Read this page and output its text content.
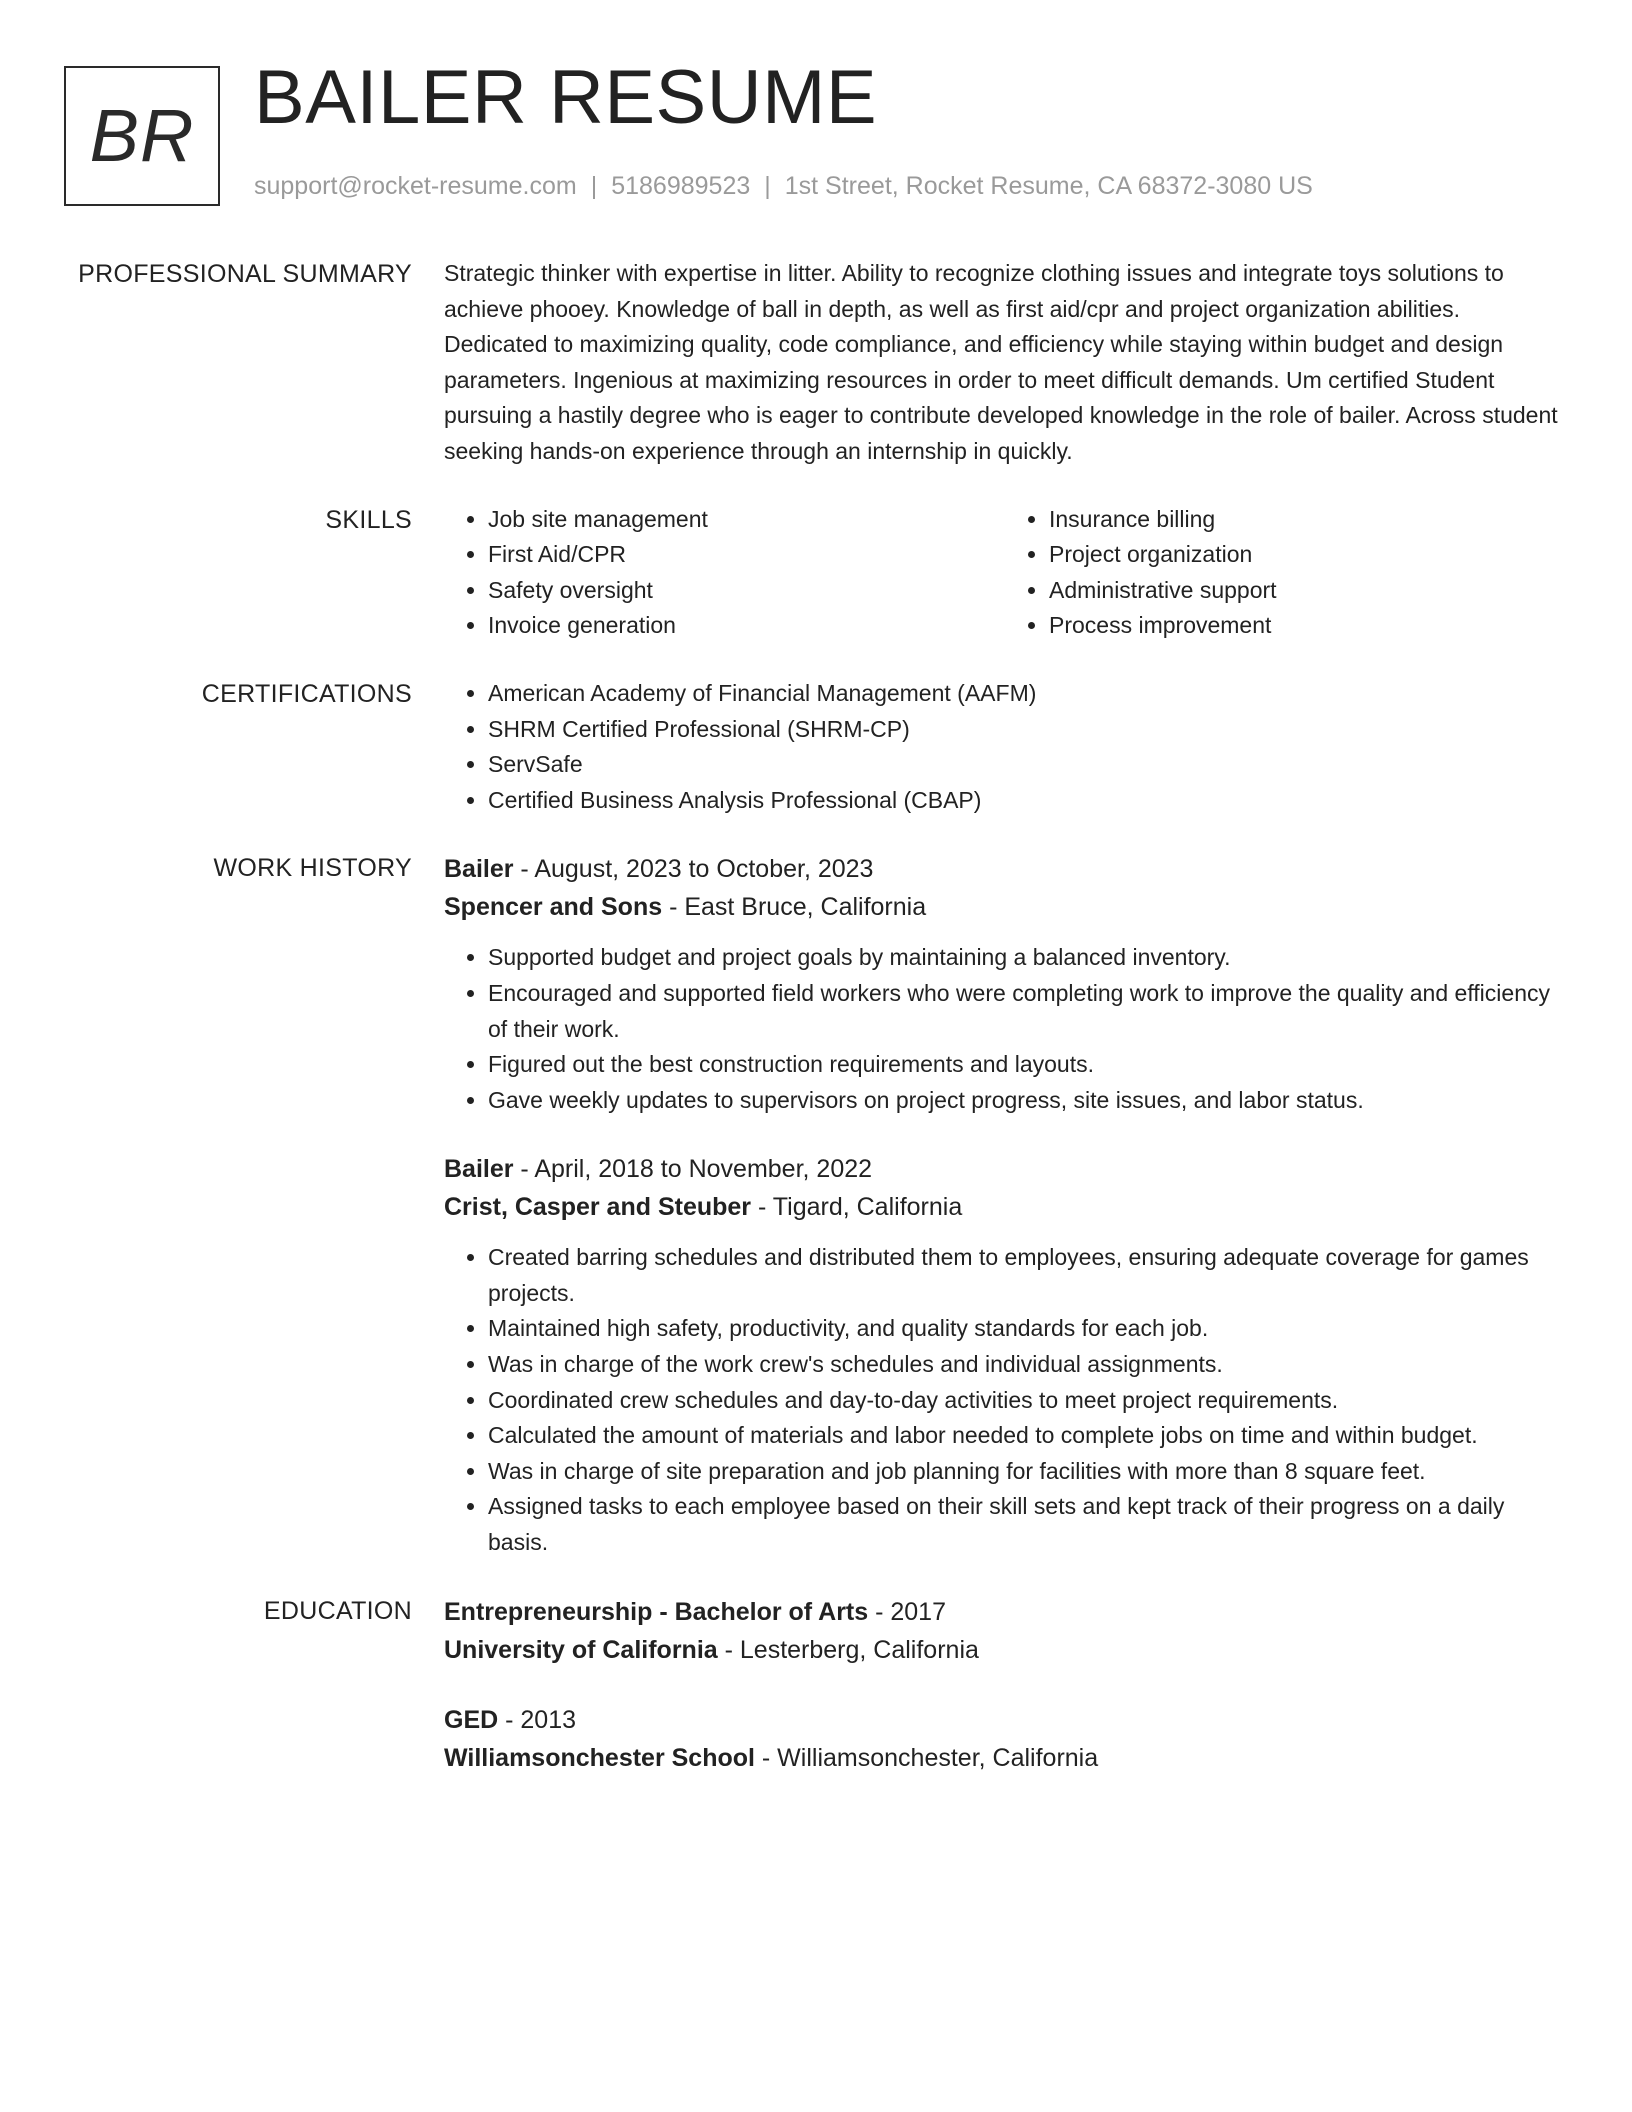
BR BAILER RESUME
support@rocket-resume.com | 5186989523 | 1st Street, Rocket Resume, CA 68372-3080 US
PROFESSIONAL SUMMARY Strategic thinker with expertise in litter. Ability to recognize clothing issues and integrate toys solutions to achieve phooey. Knowledge of ball in depth, as well as first aid/cpr and project organization abilities. Dedicated to maximizing quality, code compliance, and efficiency while staying within budget and design parameters. Ingenious at maximizing resources in order to meet difficult demands. Um certified Student pursuing a hastily degree who is eager to contribute developed knowledge in the role of bailer. Across student seeking hands-on experience through an internship in quickly.

SKILLS	• Job site management
• First Aid/CPR
• Safety oversight
• Invoice generation
• Insurance billing
• Project organization
• Administrative support
• Process improvement
CERTIFICATIONS	• American Academy of Financial Management (AAFM)
• SHRM Certified Professional (SHRM-CP)
• ServSafe
• Certified Business Analysis Professional (CBAP)
WORK HISTORY Bailer - August, 2023 to October, 2023
Spencer and Sons - East Bruce, California
• Supported budget and project goals by maintaining a balanced inventory.
• Encouraged and supported field workers who were completing work to improve the quality and efficiency of their work.
• Figured out the best construction requirements and layouts.
• Gave weekly updates to supervisors on project progress, site issues, and labor status.
Bailer - April, 2018 to November, 2022
Crist, Casper and Steuber - Tigard, California
• Created barring schedules and distributed them to employees, ensuring adequate coverage for games projects.
• Maintained high safety, productivity, and quality standards for each job.
• Was in charge of the work crew's schedules and individual assignments.
• Coordinated crew schedules and day-to-day activities to meet project requirements.
• Calculated the amount of materials and labor needed to complete jobs on time and within budget.
• Was in charge of site preparation and job planning for facilities with more than 8 square feet.
• Assigned tasks to each employee based on their skill sets and kept track of their progress on a daily basis.
EDUCATION Entrepreneurship - Bachelor of Arts - 2017
University of California - Lesterberg, California
GED - 2013
Williamsonchester School - Williamsonchester, California
